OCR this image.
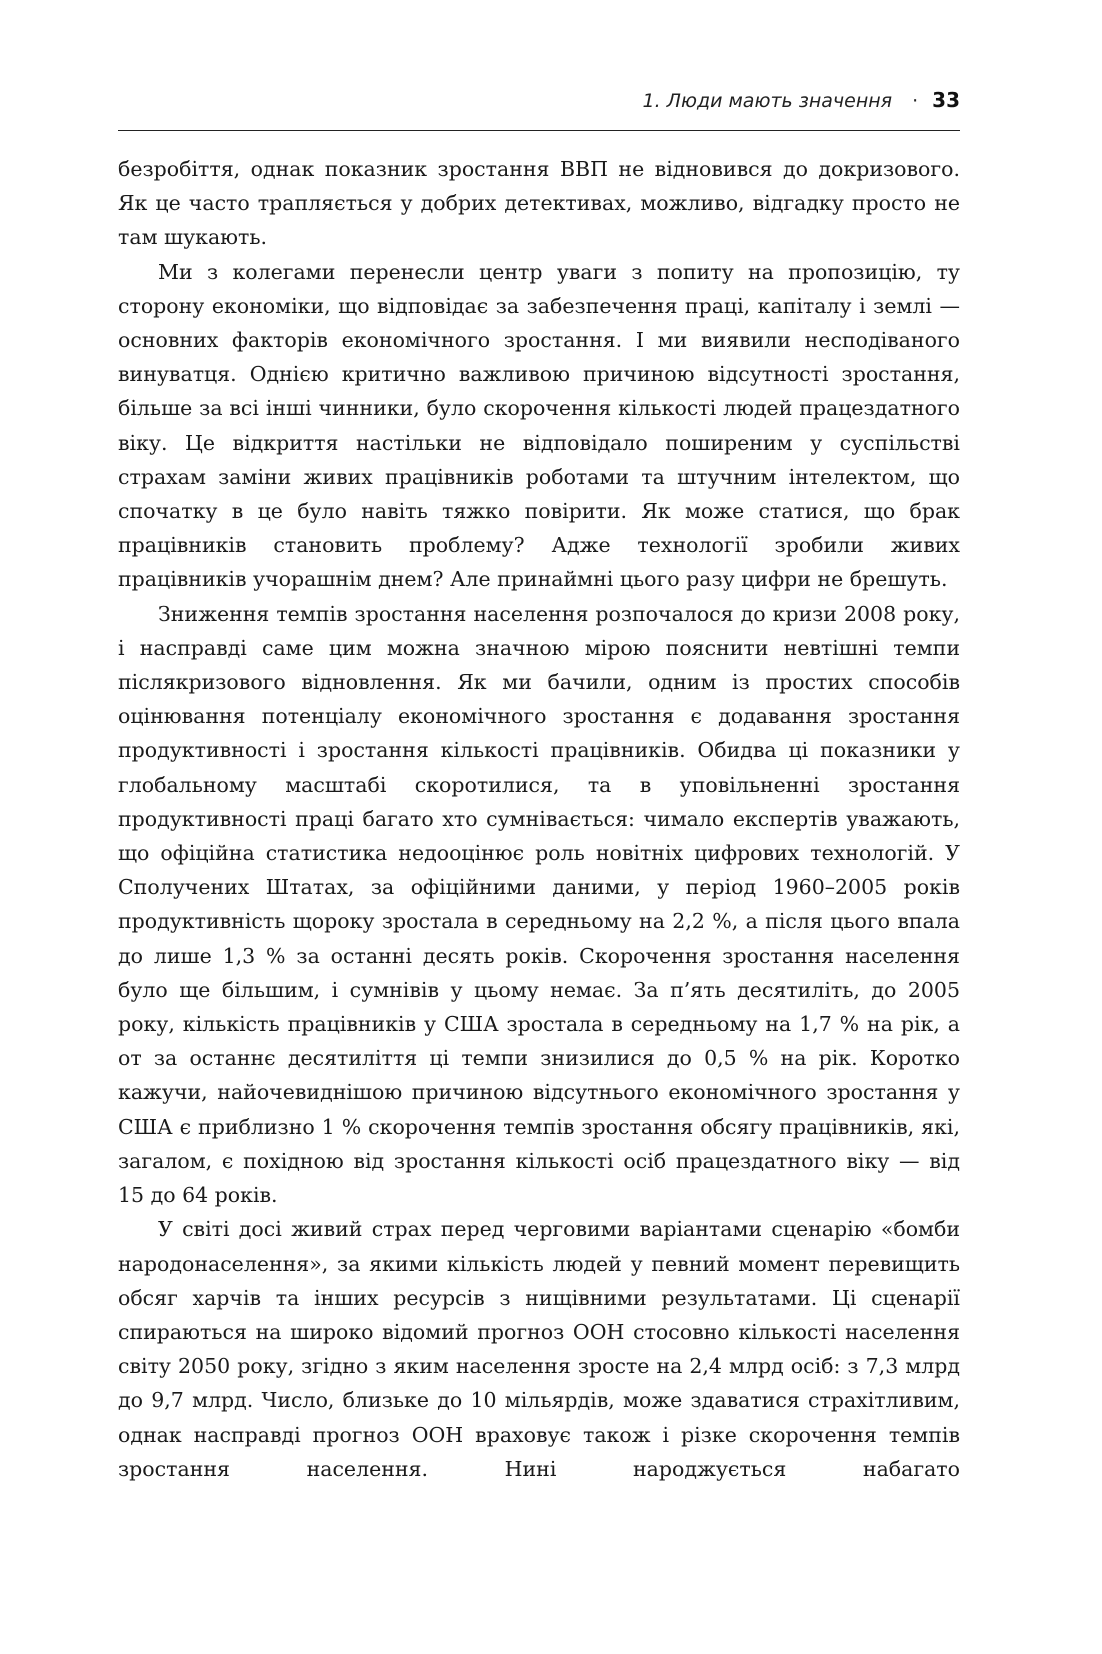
1. Люди мають значення · 33

безробіття, однак показник зростання ВВП не відновився до докризового. Як це часто трапляється у добрих детективах, можливо, відгадку просто не там шукають.

Ми з колегами перенесли центр уваги з попиту на пропозицію, ту сторону економіки, що відповідає за забезпечення праці, капіталу і землі — основних факторів економічного зростання. І ми виявили несподіваного винуватця. Однією критично важливою причиною відсутності зростання, більше за всі інші чинники, було скорочення кількості людей працездатного віку. Це відкриття настільки не відповідало поширеним у суспільстві страхам заміни живих працівників роботами та штучним інтелектом, що спочатку в це було навіть тяжко повірити. Як може статися, що брак працівників становить проблему? Адже технології зробили живих працівників учорашнім днем? Але принаймні цього разу цифри не брешуть.

Зниження темпів зростання населення розпочалося до кризи 2008 року, і насправді саме цим можна значною мірою пояснити невтішні темпи післякризового відновлення. Як ми бачили, одним із простих способів оцінювання потенціалу економічного зростання є додавання зростання продуктивності і зростання кількості працівників. Обидва ці показники у глобальному масштабі скоротилися, та в уповільненні зростання продуктивності праці багато хто сумнівається: чимало експертів уважають, що офіційна статистика недооцінює роль новітніх цифрових технологій. У Сполучених Штатах, за офіційними даними, у період 1960–2005 років продуктивність щороку зростала в середньому на 2,2 %, а після цього впала до лише 1,3 % за останні десять років. Скорочення зростання населення було ще більшим, і сумнівів у цьому немає. За п’ять десятиліть, до 2005 року, кількість працівників у США зростала в середньому на 1,7 % на рік, а от за останнє десятиліття ці темпи знизилися до 0,5 % на рік. Коротко кажучи, найочевиднішою причиною відсутнього економічного зростання у США є приблизно 1 % скорочення темпів зростання обсягу працівників, які, загалом, є похідною від зростання кількості осіб працездатного віку — від 15 до 64 років.

У світі досі живий страх перед черговими варіантами сценарію «бомби народонаселення», за якими кількість людей у певний момент перевищить обсяг харчів та інших ресурсів з нищівними результатами. Ці сценарії спираються на широко відомий прогноз ООН стосовно кількості населення світу 2050 року, згідно з яким населення зросте на 2,4 млрд осіб: з 7,3 млрд до 9,7 млрд. Число, близьке до 10 мільярдів, може здаватися страхітливим, однак насправді прогноз ООН враховує також і різке скорочення темпів зростання населення. Нині народжується набагато
